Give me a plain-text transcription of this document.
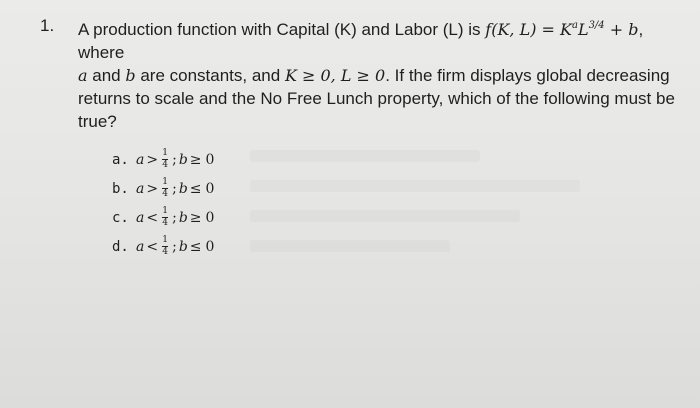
1. A production function with Capital (K) and Labor (L) is f(K, $L) = K^aL^{3/4} + b$, where
a and b are constants, and K ≥ 0, L ≥ 0. If the firm displays global decreasing
returns to scale and the No Free Lunch property, which of the following must be
true?
a. $a > \frac{1}{4}$ ; b ≥ 0
b. $a > \frac{1}{4}$ ; b ≤ 0
c. $a < \frac{1}{4}$ ; b ≥ 0
d. $a < \frac{1}{4}$ ; b ≤ 0
